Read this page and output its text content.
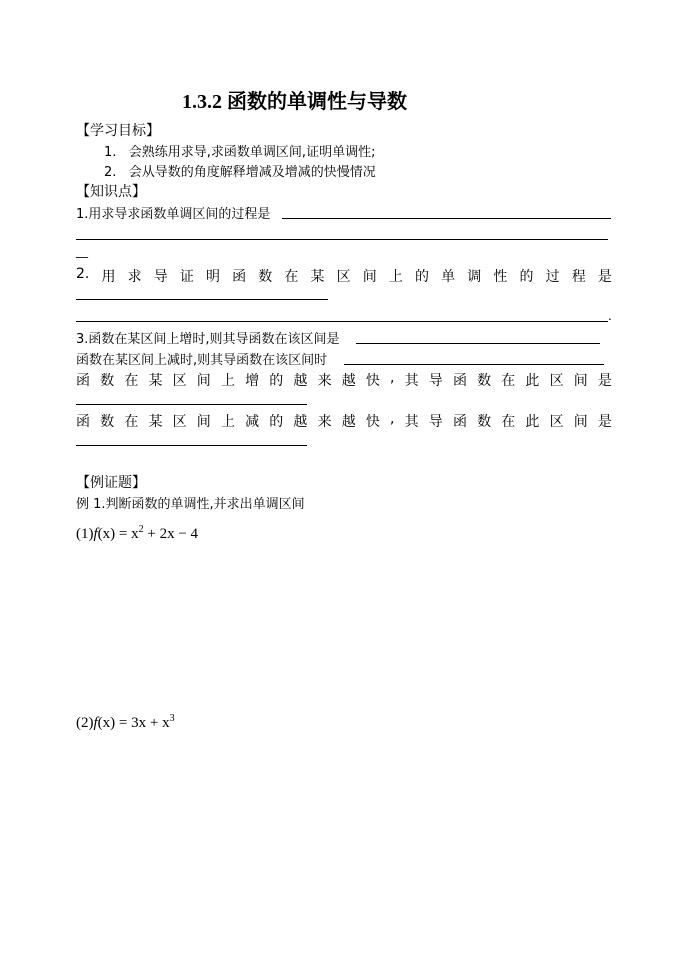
1.3.2 函数的单调性与导数
【学习目标】
1.   会熟练用求导,求函数单调区间,证明单调性;
2.   会从导数的角度解释增减及增减的快慢情况
【知识点】
1.用求导求函数单调区间的过程是
__
2. 用 求 导 证 明 函 数 在 某 区 间 上 的 单 调 性 的 过 程 是
.
3.函数在某区间上增时,则其导函数在该区间是
函数在某区间上减时,则其导函数在该区间时
函 数 在 某 区 间 上 增 的 越 来 越 快 , 其 导 函 数 在 此 区 间 是
函 数 在 某 区 间 上 减 的 越 来 越 快 , 其 导 函 数 在 此 区 间 是
【例证题】
例 1.判断函数的单调性,并求出单调区间
$(1)f(x) = x^2 + 2x - 4$
$(2)f(x) = 3x + x^3$
